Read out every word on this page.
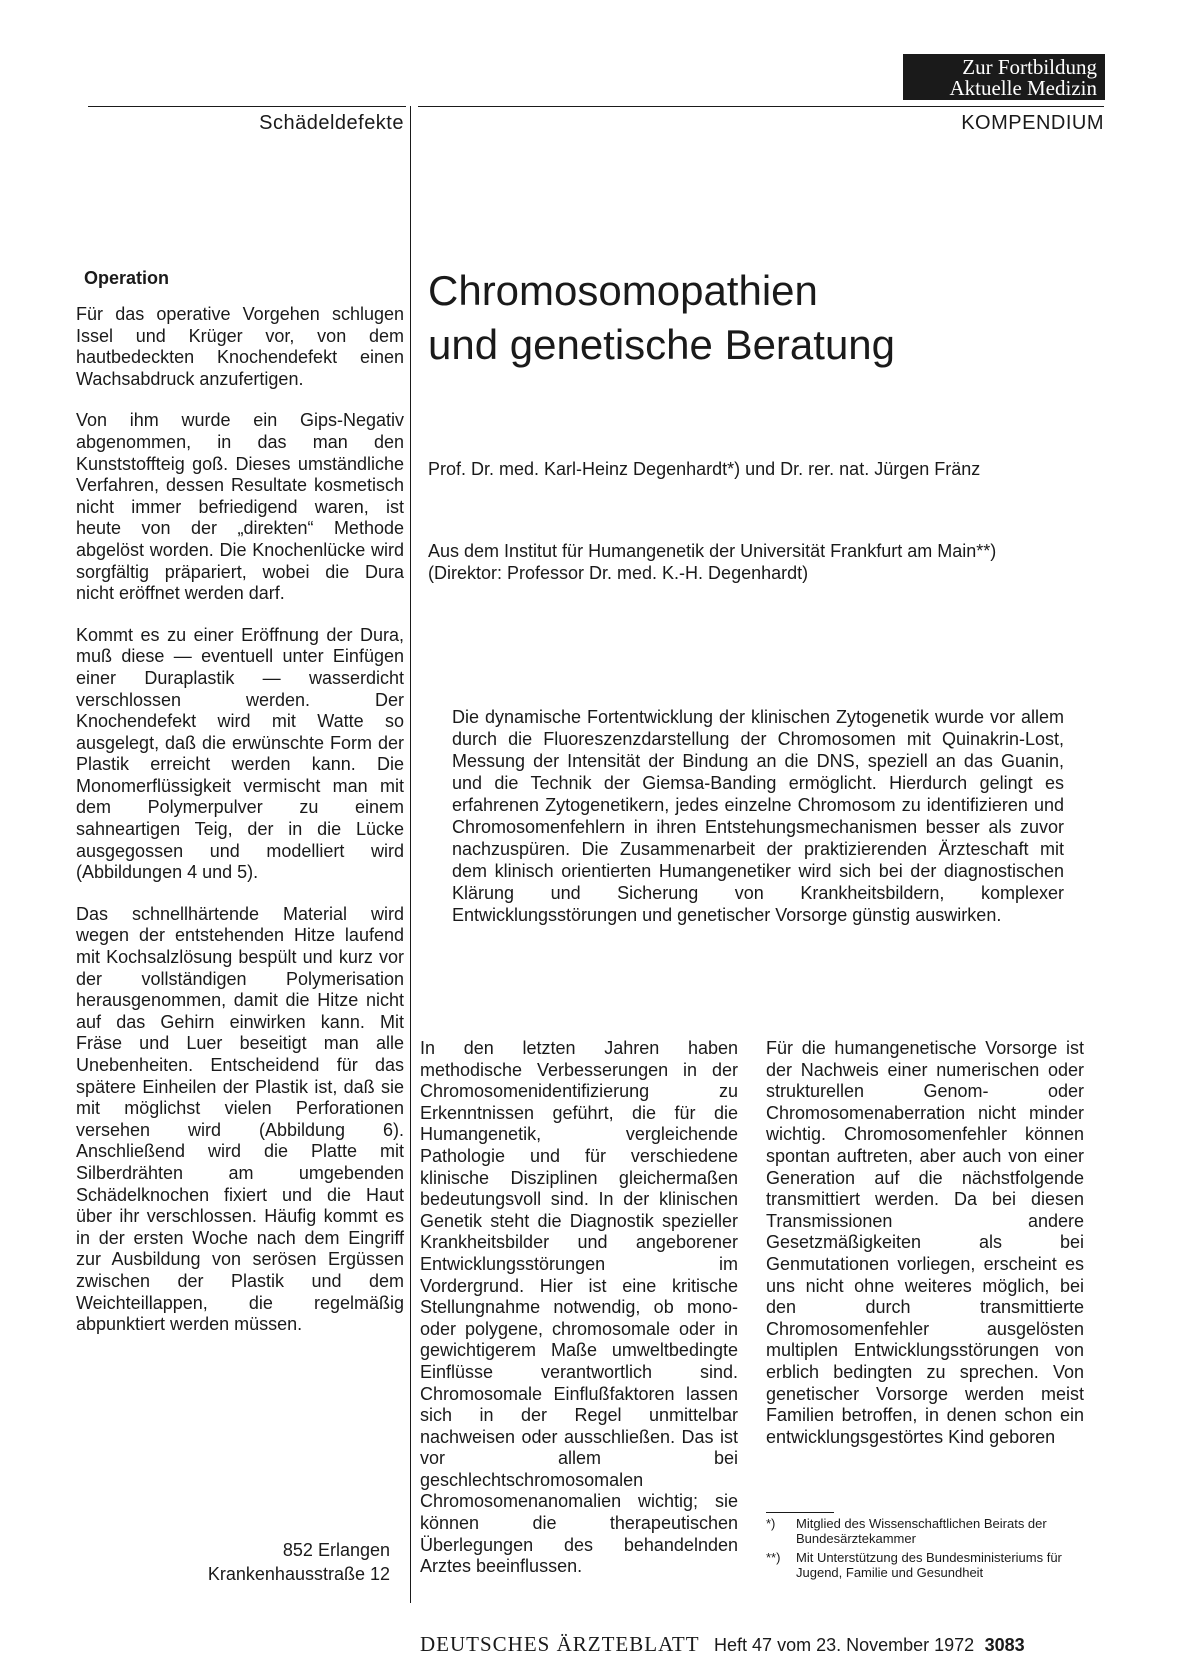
Zur Fortbildung
Aktuelle Medizin
Schädeldefekte	KOMPENDIUM
Operation

Für das operative Vorgehen schlugen Issel und Krüger vor, von dem hautbedeckten Knochendefekt einen Wachsabdruck anzufertigen.

Von ihm wurde ein Gips-Negativ abgenommen, in das man den Kunststoffteig goß. Dieses umständliche Verfahren, dessen Resultate kosmetisch nicht immer befriedigend waren, ist heute von der „direkten“ Methode abgelöst worden. Die Knochenlücke wird sorgfältig präpariert, wobei die Dura nicht eröffnet werden darf.

Kommt es zu einer Eröffnung der Dura, muß diese — eventuell unter Einfügen einer Duraplastik — wasserdicht verschlossen werden. Der Knochendefekt wird mit Watte so ausgelegt, daß die erwünschte Form der Plastik erreicht werden kann. Die Monomerflüssigkeit vermischt man mit dem Polymerpulver zu einem sahneartigen Teig, der in die Lücke ausgegossen und modelliert wird (Abbildungen 4 und 5).

Das schnellhärtende Material wird wegen der entstehenden Hitze laufend mit Kochsalzlösung bespült und kurz vor der vollständigen Polymerisation herausgenommen, damit die Hitze nicht auf das Gehirn einwirken kann. Mit Fräse und Luer beseitigt man alle Unebenheiten. Entscheidend für das spätere Einheilen der Plastik ist, daß sie mit möglichst vielen Perforationen versehen wird (Abbildung 6). Anschließend wird die Platte mit Silberdrähten am umgebenden Schädelknochen fixiert und die Haut über ihr verschlossen. Häufig kommt es in der ersten Woche nach dem Eingriff zur Ausbildung von serösen Ergüssen zwischen der Plastik und dem Weichteillappen, die regelmäßig abpunktiert werden müssen.

852 Erlangen
Krankenhausstraße 12
Chromosomopathien
und genetische Beratung
Prof. Dr. med. Karl-Heinz Degenhardt*) und Dr. rer. nat. Jürgen Fränz
Aus dem Institut für Humangenetik der Universität Frankfurt am Main**)
(Direktor: Professor Dr. med. K.-H. Degenhardt)
Die dynamische Fortentwicklung der klinischen Zytogenetik wurde vor allem durch die Fluoreszenzdarstellung der Chromosomen mit Quinakrin-Lost, Messung der Intensität der Bindung an die DNS, speziell an das Guanin, und die Technik der Giemsa-Banding ermöglicht. Hierdurch gelingt es erfahrenen Zytogenetikern, jedes einzelne Chromosom zu identifizieren und Chromosomenfehlern in ihren Entstehungsmechanismen besser als zuvor nachzuspüren. Die Zusammenarbeit der praktizierenden Ärzteschaft mit dem klinisch orientierten Humangenetiker wird sich bei der diagnostischen Klärung und Sicherung von Krankheitsbildern, komplexer Entwicklungsstörungen und genetischer Vorsorge günstig auswirken.
In den letzten Jahren haben methodische Verbesserungen in der Chromosomenidentifizierung zu Erkenntnissen geführt, die für die Humangenetik, vergleichende Pathologie und für verschiedene klinische Disziplinen gleichermaßen bedeutungsvoll sind. In der klinischen Genetik steht die Diagnostik spezieller Krankheitsbilder und angeborener Entwicklungsstörungen im Vordergrund. Hier ist eine kritische Stellungnahme notwendig, ob mono- oder polygene, chromosomale oder in gewichtigerem Maße umweltbedingte Einflüsse verantwortlich sind. Chromosomale Einflußfaktoren lassen sich in der Regel unmittelbar nachweisen oder ausschließen. Das ist vor allem bei geschlechtschromosomalen Chromosomenanomalien wichtig; sie können die therapeutischen Überlegungen des behandelnden Arztes beeinflussen.
Für die humangenetische Vorsorge ist der Nachweis einer numerischen oder strukturellen Genom- oder Chromosomenaberration nicht minder wichtig. Chromosomenfehler können spontan auftreten, aber auch von einer Generation auf die nächstfolgende transmittiert werden. Da bei diesen Transmissionen andere Gesetzmäßigkeiten als bei Genmutationen vorliegen, erscheint es uns nicht ohne weiteres möglich, bei den durch transmittierte Chromosomenfehler ausgelösten multiplen Entwicklungsstörungen von erblich bedingten zu sprechen. Von genetischer Vorsorge werden meist Familien betroffen, in denen schon ein entwicklungsgestörtes Kind geboren
*)	Mitglied des Wissenschaftlichen Beirats der Bundesärztekammer
**)	Mit Unterstützung des Bundesministeriums für Jugend, Familie und Gesundheit
DEUTSCHES ÄRZTEBLATT Heft 47 vom 23. November 1972 3083
